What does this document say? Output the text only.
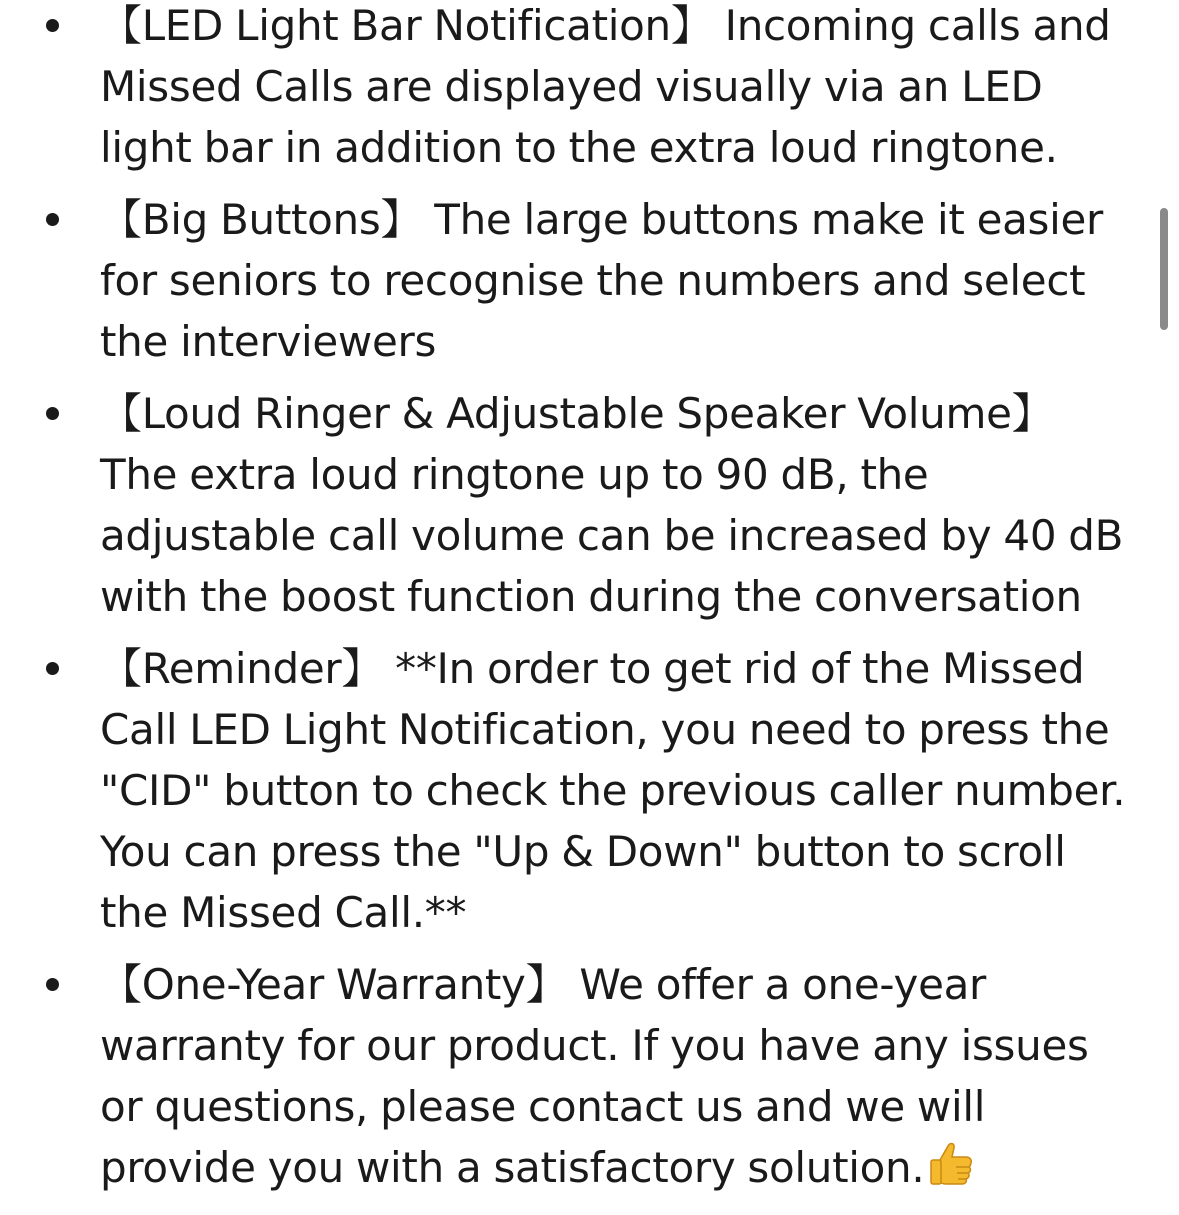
【LED Light Bar Notification】 Incoming calls and Missed Calls are displayed visually via an LED light bar in addition to the extra loud ringtone.
【Big Buttons】 The large buttons make it easier for seniors to recognise the numbers and select the interviewers
【Loud Ringer & Adjustable Speaker Volume】 The extra loud ringtone up to 90 dB, the adjustable call volume can be increased by 40 dB with the boost function during the conversation
【Reminder】 **In order to get rid of the Missed Call LED Light Notification, you need to press the "CID" button to check the previous caller number. You can press the "Up & Down" button to scroll the Missed Call.**
【One-Year Warranty】 We offer a one-year warranty for our product. If you have any issues or questions, please contact us and we will provide you with a satisfactory solution.
